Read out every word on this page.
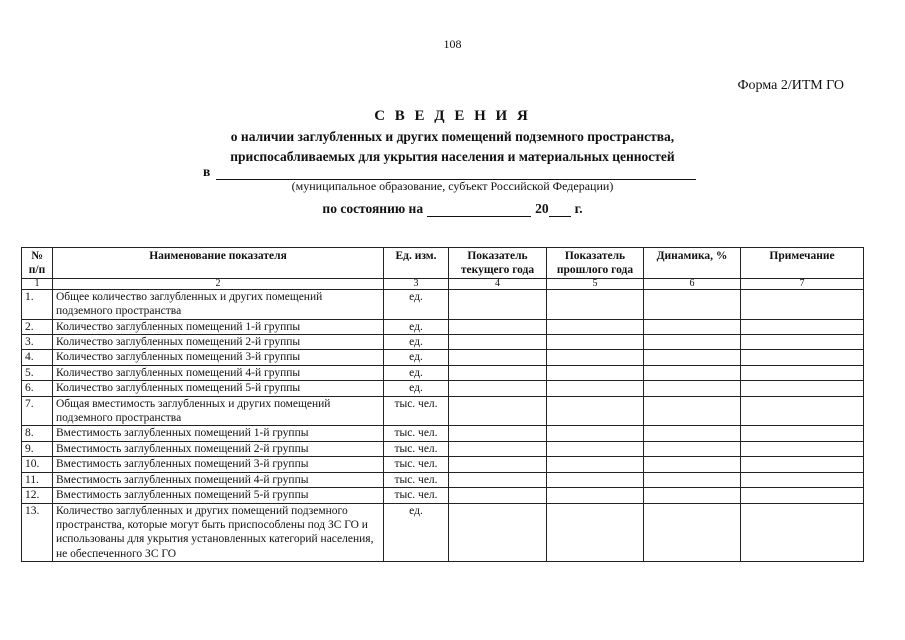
108
Форма 2/ИТМ ГО
С В Е Д Е Н И Я
о наличии заглубленных и других помещений подземного пространства,
приспосабливаемых для укрытия населения и материальных ценностей
в
(муниципальное образование, субъект Российской Федерации)
по состоянию на	20 г.
№ п/п	Наименование показателя	Ед. изм.	Показатель текущего года	Показатель прошлого года	Динамика, %	Примечание
1	2	3	4	5	6	7
1.	Общее количество заглубленных и других помещений подземного пространства	ед.				
2.	Количество заглубленных помещений 1-й группы	ед.				
3.	Количество заглубленных помещений 2-й группы	ед.				
4.	Количество заглубленных помещений 3-й группы	ед.				
5.	Количество заглубленных помещений 4-й группы	ед.				
6.	Количество заглубленных помещений 5-й группы	ед.				
7.	Общая вместимость заглубленных и других помещений подземного пространства	тыс. чел.				
8.	Вместимость заглубленных помещений 1-й группы	тыс. чел.				
9.	Вместимость заглубленных помещений 2-й группы	тыс. чел.				
10.	Вместимость заглубленных помещений 3-й группы	тыс. чел.				
11.	Вместимость заглубленных помещений 4-й группы	тыс. чел.				
12.	Вместимость заглубленных помещений 5-й группы	тыс. чел.				
13.	Количество заглубленных и других помещений подземного пространства, которые могут быть приспособлены под ЗС ГО и использованы для укрытия установленных категорий населения, не обеспеченного ЗС ГО	ед.				
